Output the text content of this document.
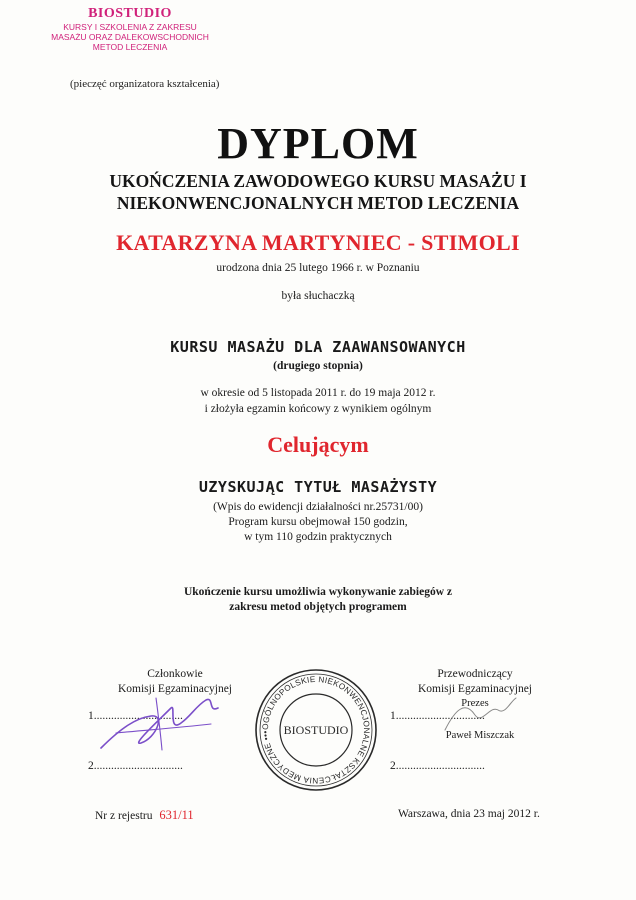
BIOSTUDIO
KURSY I SZKOLENIA Z ZAKRESU
MASAŻU ORAZ DALEKOWSCHODNICH
METOD LECZENIA
(pieczęć organizatora kształcenia)
DYPLOM
UKOŃCZENIA ZAWODOWEGO KURSU MASAŻU I
NIEKONWENCJONALNYCH METOD LECZENIA
KATARZYNA MARTYNIEC - STIMOLI
urodzona dnia 25 lutego 1966 r. w Poznaniu
była słuchaczką
KURSU MASAŻU DLA ZAAWANSOWANYCH
(drugiego stopnia)
w okresie od 5 listopada 2011 r. do 19 maja 2012 r.
i złożyła egzamin końcowy z wynikiem ogólnym
Celującym
UZYSKUJĄC TYTUŁ MASAŻYSTY
(Wpis do ewidencji działalności nr.25731/00)
Program kursu obejmował 150 godzin,
w tym 110 godzin praktycznych
Ukończenie kursu umożliwia wykonywanie zabiegów z
zakresu metod objętych programem
Członkowie
Komisji Egzaminacyjnej
1...............................
2...............................
OGÓLNOPOLSKIE NIEKONWENCJONALNE KSZTAŁCENIA MEDYCZNE •••	BIOSTUDIO
Przewodniczący
Komisji Egzaminacyjnej
Prezes
1...............................
Paweł Miszczak
2...............................
Nr z rejestru 631/11	Warszawa, dnia 23 maj 2012 r.
